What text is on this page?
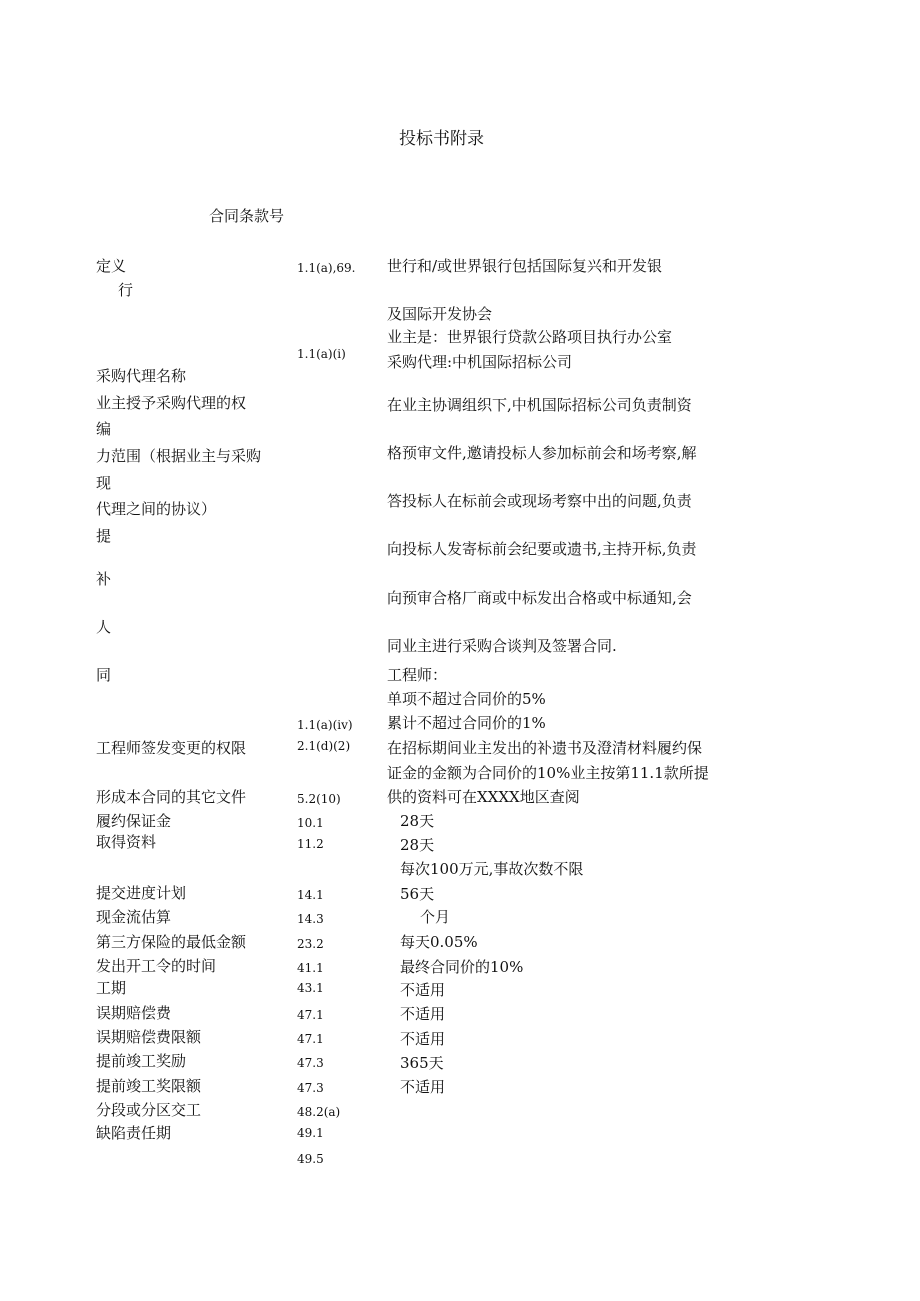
投标书附录
合同条款号
定义
行
采购代理名称
业主授予采购代理的权
编
力范围（根据业主与采购
现
代理之间的协议）
提
补
人
同
工程师签发变更的权限
形成本合同的其它文件
履约保证金
取得资料
提交进度计划
现金流估算
第三方保险的最低金额
发出开工令的时间
工期
误期赔偿费
误期赔偿费限额
提前竣工奖励
提前竣工奖限额
分段或分区交工
缺陷责任期
1.1(a),69.
1.1(a)(i)
1.1(a)(iv)
2.1(d)(2)
5.2(10)
10.1
11.2
14.1
14.3
23.2
41.1
43.1
47.1
47.1
47.3
47.3
48.2(a)
49.1
49.5
世行和/或世界银行包括国际复兴和开发银
及国际开发协会
业主是：世界银行贷款公路项目执行办公室
采购代理:中机国际招标公司
在业主协调组织下,中机国际招标公司负责制资
格预审文件,邀请投标人参加标前会和场考察,解
答投标人在标前会或现场考察中出的问题,负责
向投标人发寄标前会纪要或遗书,主持开标,负责
向预审合格厂商或中标发出合格或中标通知,会
同业主进行采购合谈判及签署合同.
工程师：
单项不超过合同价的5%
累计不超过合同价的1%
在招标期间业主发出的补遗书及澄清材料履约保
证金的金额为合同价的10%业主按第11.1款所提
供的资料可在XXXX地区查阅
28天
28天
每次100万元,事故次数不限
56天
个月
每天0.05%
最终合同价的10%
不适用
不适用
不适用
365天
不适用
